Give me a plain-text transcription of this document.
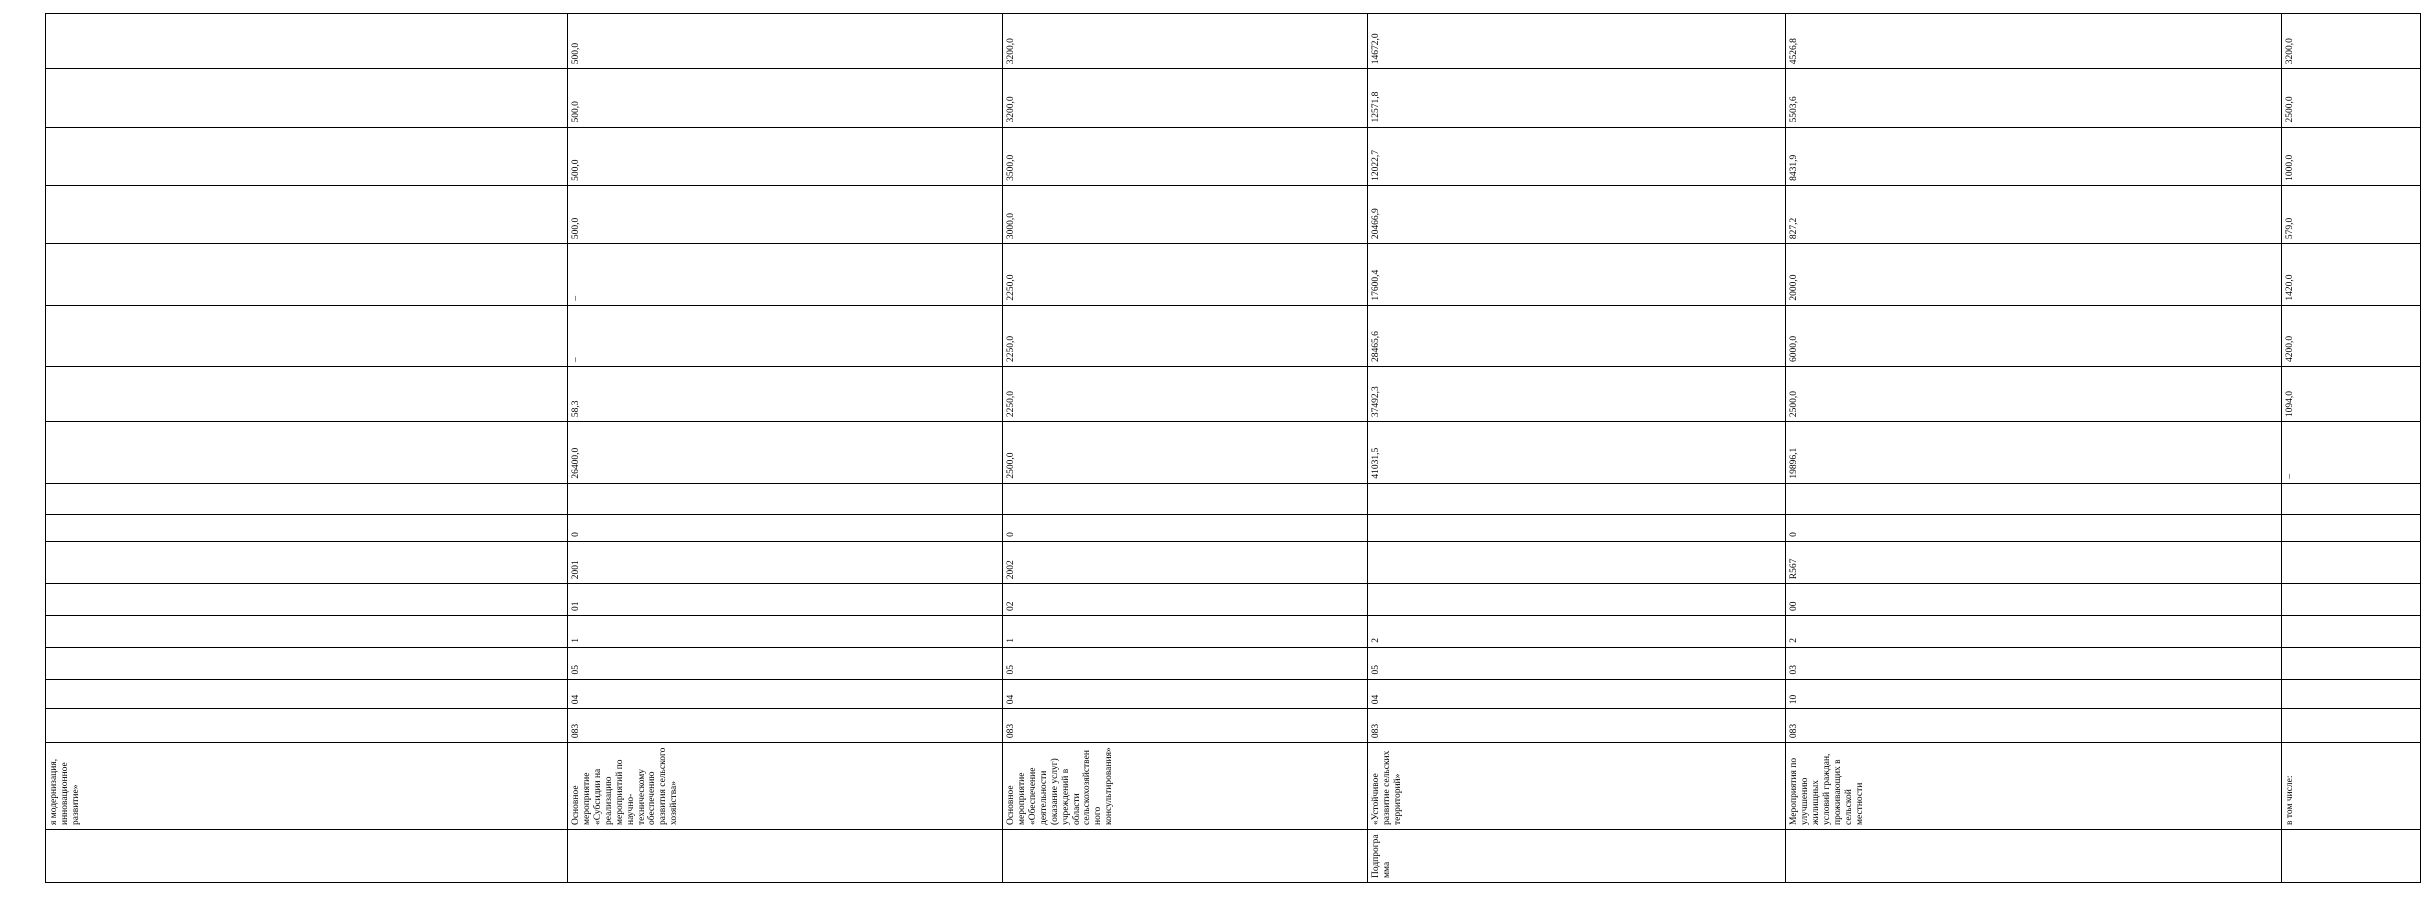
	я модернизация, инновационное развитие»																
	Основное мероприятие «Субсидии на реализацию мероприятий по научно-техническому обеспечению развития сельского хозяйства»	083	04	05	1	01	2001	0		26400,0	58,3	–	–	500,0	500,0	500,0	500,0
	Основное мероприятие «Обеспечение деятельности (оказание услуг) учреждений в области сельскохозяйственного консультирования»	083	04	05	1	02	2002	0		2500,0	2250,0	2250,0	2250,0	3000,0	3500,0	3200,0	3200,0
Подпрограмма	«Устойчивое развитие сельских территорий»	083	04	05	2					41031,5	37492,3	28465,6	17600,4	20466,9	12022,7	12571,8	14672,0
	Мероприятия по улучшению жилищных условий граждан, проживающих в сельской местности	083	10	03	2	00	R567	0		19896,1	2500,0	6000,0	2000,0	827,2	8431,9	5503,6	4526,8
	в том числе:									–	1094,0	4200,0	1420,0	579,0	1000,0	2500,0	3200,0
